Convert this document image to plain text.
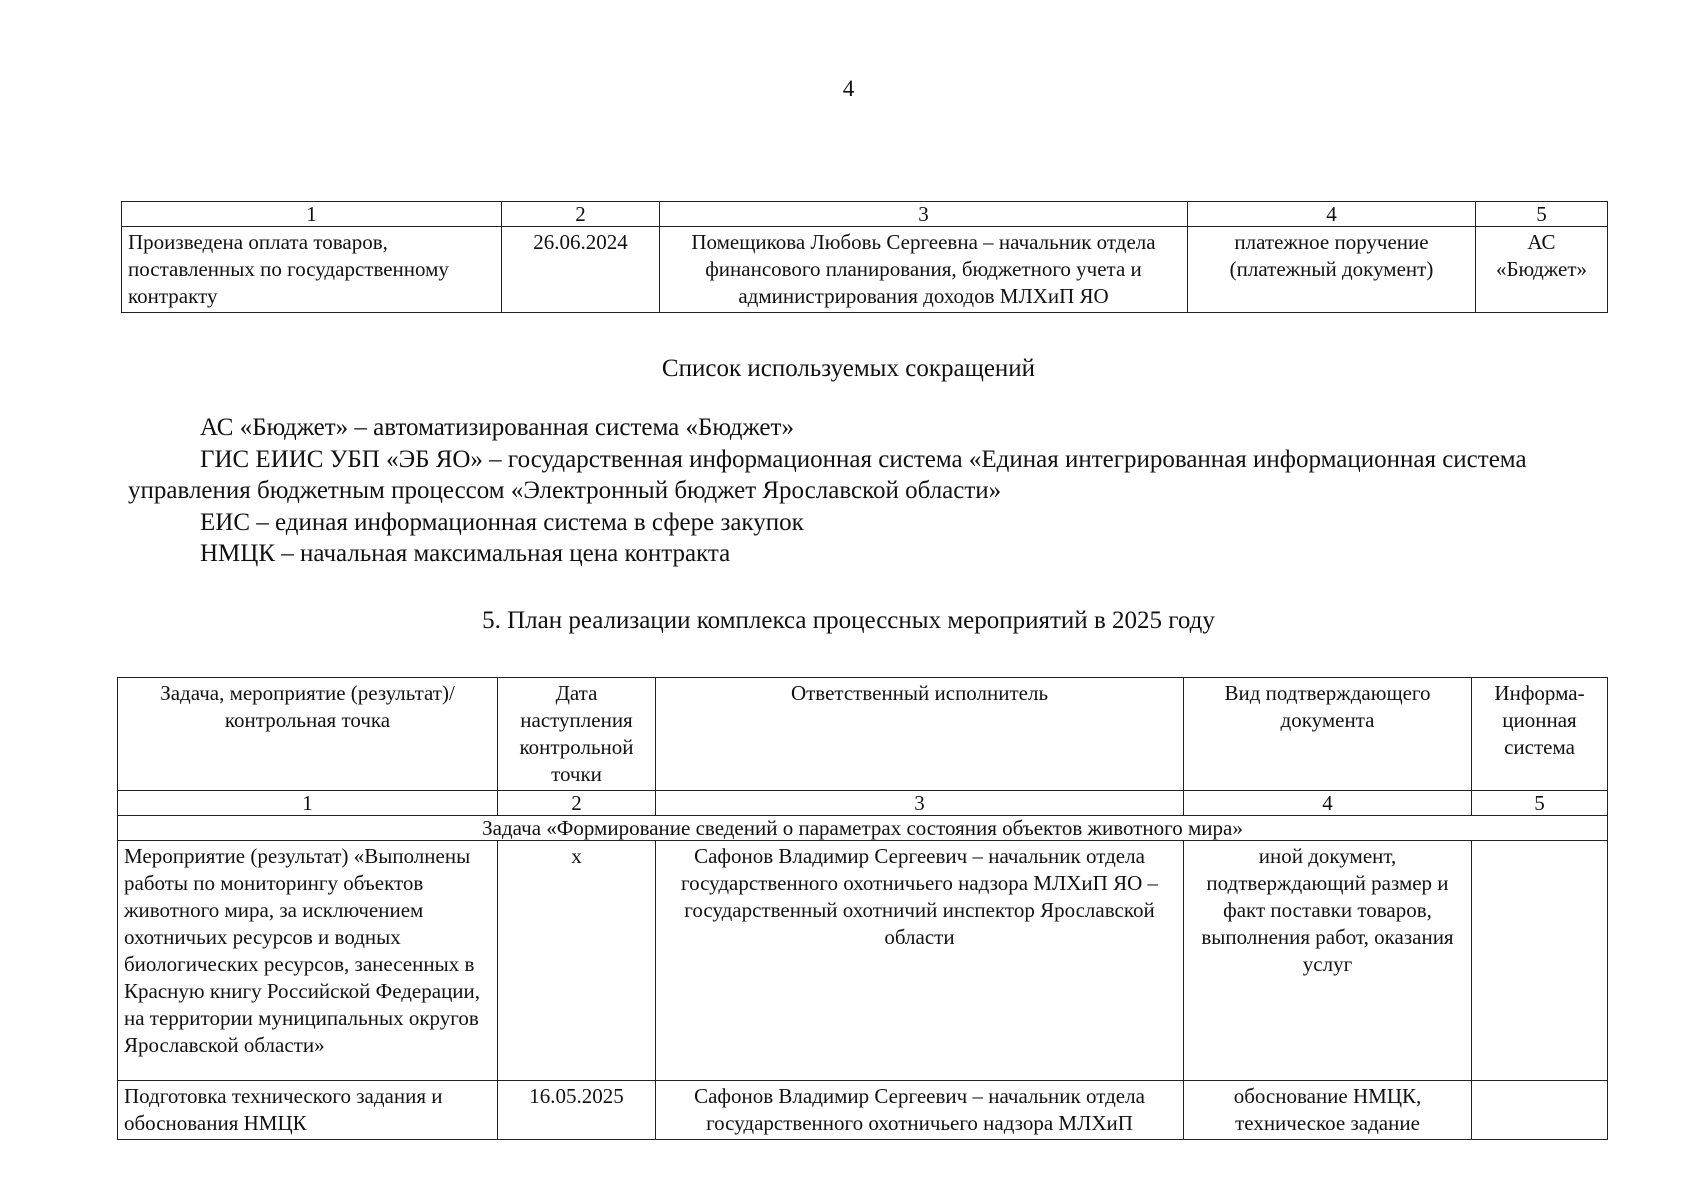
4
1	2	3	4	5
Произведена оплата товаров, поставленных по государственному контракту	26.06.2024	Помещикова Любовь Сергеевна – начальник отдела финансового планирования, бюджетного учета и администрирования доходов МЛХиП ЯО	платежное поручение (платежный документ)	АС «Бюджет»
Список используемых сокращений

АС «Бюджет» – автоматизированная система «Бюджет»

ГИС ЕИИС УБП «ЭБ ЯО» – государственная информационная система «Единая интегрированная информационная система управления бюджетным процессом «Электронный бюджет Ярославской области»

ЕИС – единая информационная система в сфере закупок

НМЦК – начальная максимальная цена контракта

5. План реализации комплекса процессных мероприятий в 2025 году
Задача, мероприятие (результат)/ контрольная точка	Дата наступления контрольной точки	Ответственный исполнитель	Вид подтверждающего документа	Информа-ционная система
1	2	3	4	5
Задача «Формирование сведений о параметрах состояния объектов животного мира»				
Мероприятие (результат) «Выполнены работы по мониторингу объектов животного мира, за исключением охотничьих ресурсов и водных биологических ресурсов, занесенных в Красную книгу Российской Федерации, на территории муниципальных округов Ярославской области»	х	Сафонов Владимир Сергеевич – начальник отдела государственного охотничьего надзора МЛХиП ЯО – государственный охотничий инспектор Ярославской области	иной документ, подтверждающий размер и факт поставки товаров, выполнения работ, оказания услуг	
Подготовка технического задания и обоснования НМЦК	16.05.2025	Сафонов Владимир Сергеевич – начальник отдела государственного охотничьего надзора МЛХиП	обоснование НМЦК, техническое задание	
